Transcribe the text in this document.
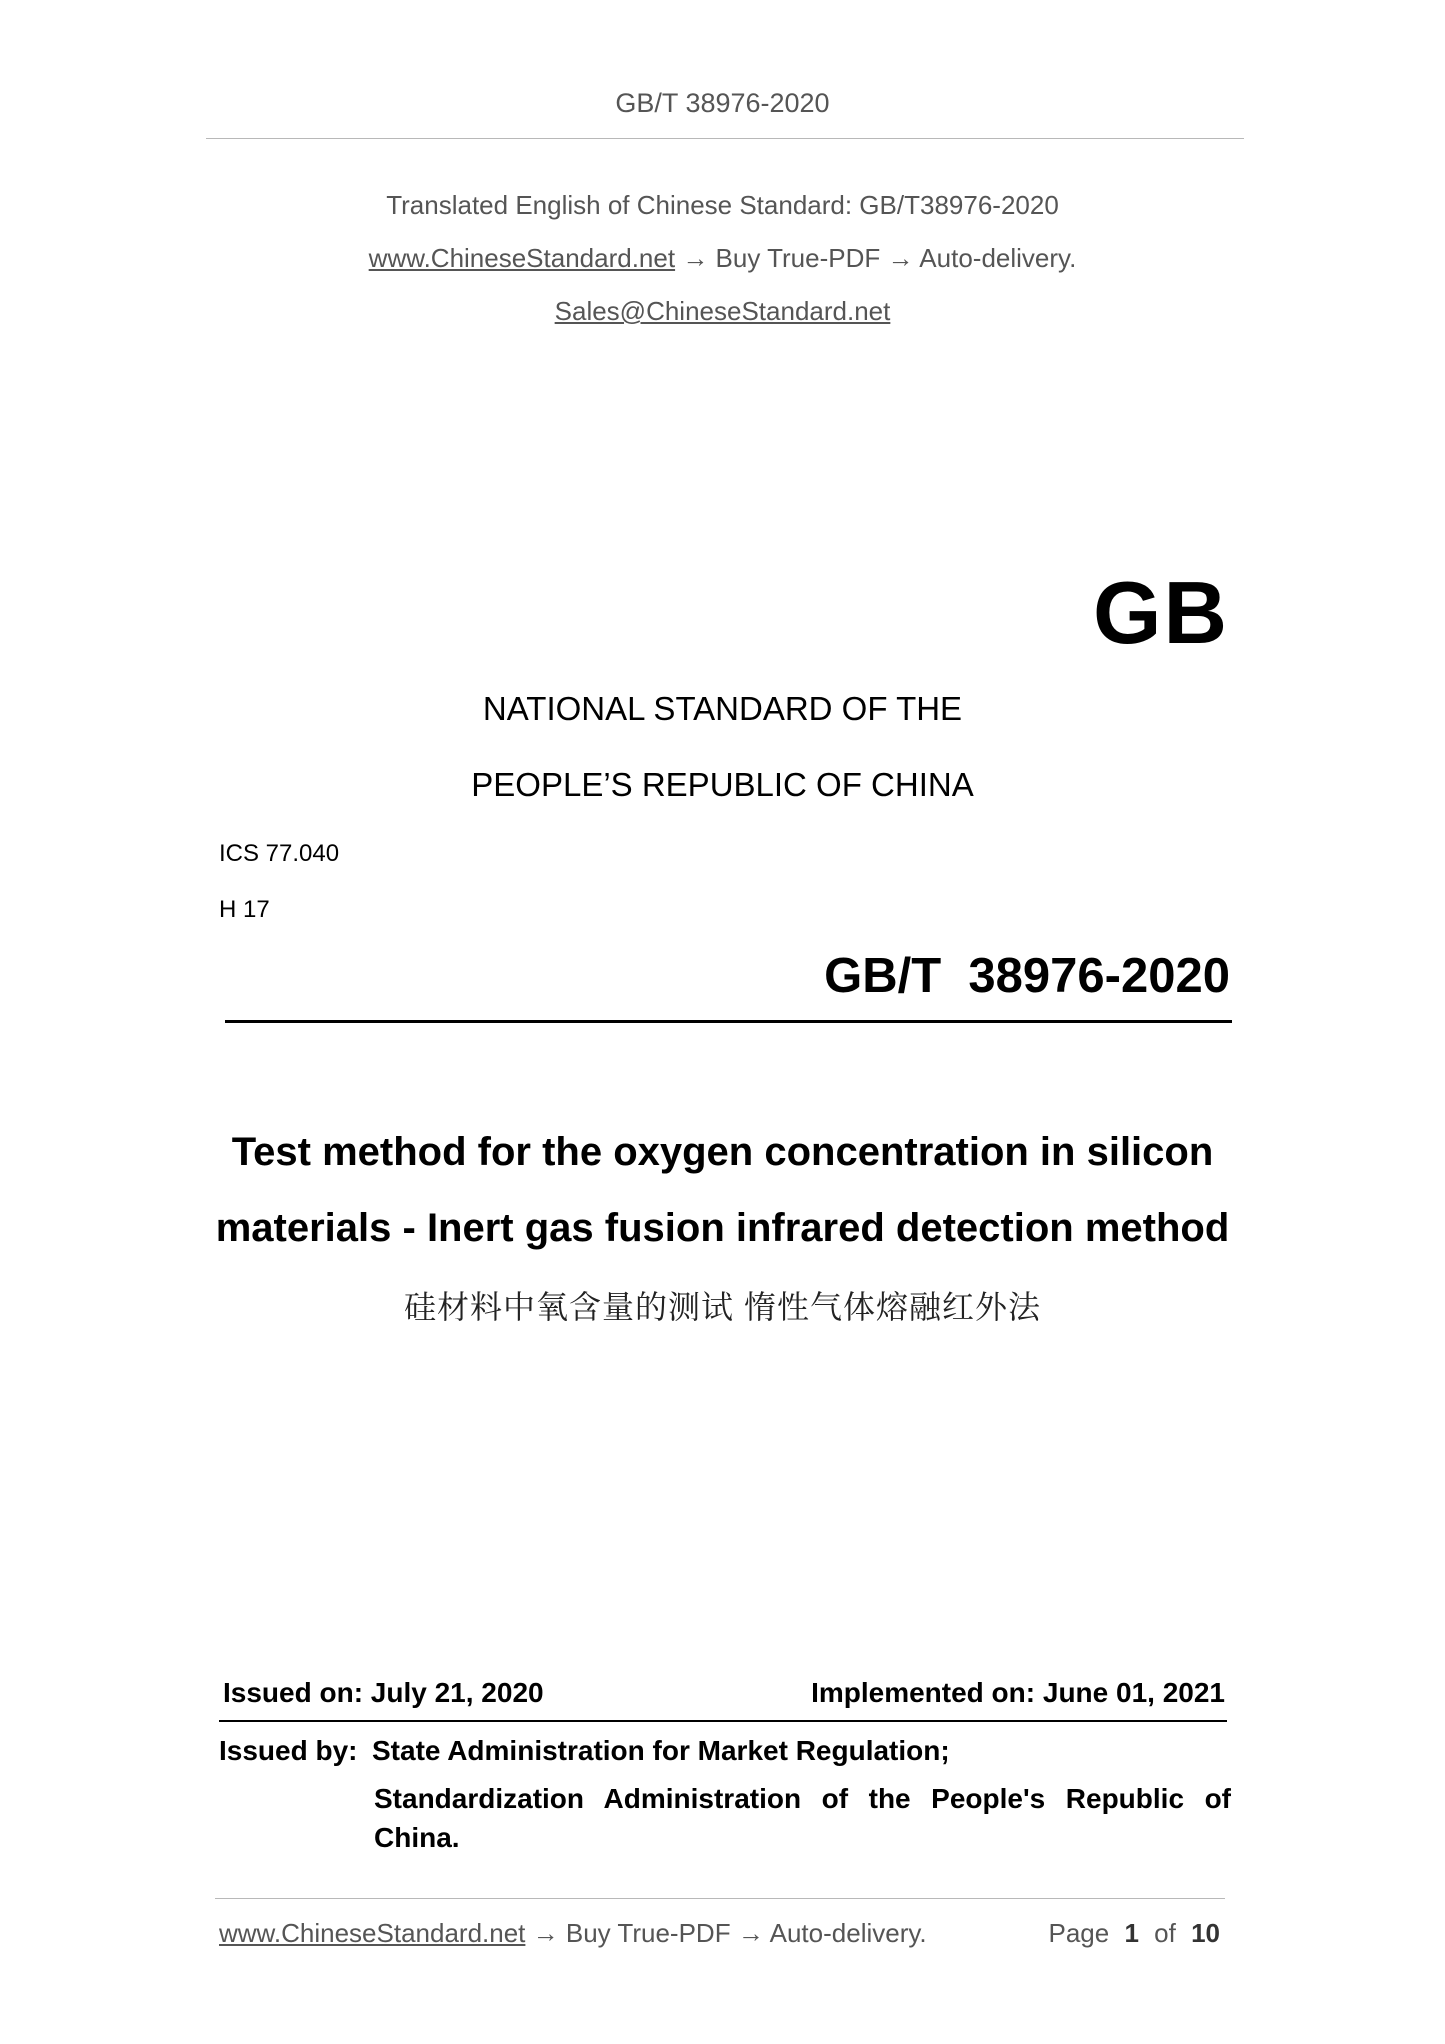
GB/T 38976-2020
Translated English of Chinese Standard: GB/T38976-2020
www.ChineseStandard.net → Buy True-PDF → Auto-delivery.
Sales@ChineseStandard.net
GB
NATIONAL STANDARD OF THE
PEOPLE’S REPUBLIC OF CHINA
ICS 77.040
H 17
GB/T  38976-2020
Test method for the oxygen concentration in silicon
materials - Inert gas fusion infrared detection method
硅材料中氧含量的测试 惰性气体熔融红外法
Issued on: July 21, 2020	Implemented on: June 01, 2021
Issued by: State Administration for Market Regulation;
Standardization  Administration  of  the  People's  Republic  of
China.
www.ChineseStandard.net → Buy True-PDF → Auto-delivery.	Page 1 of 10
